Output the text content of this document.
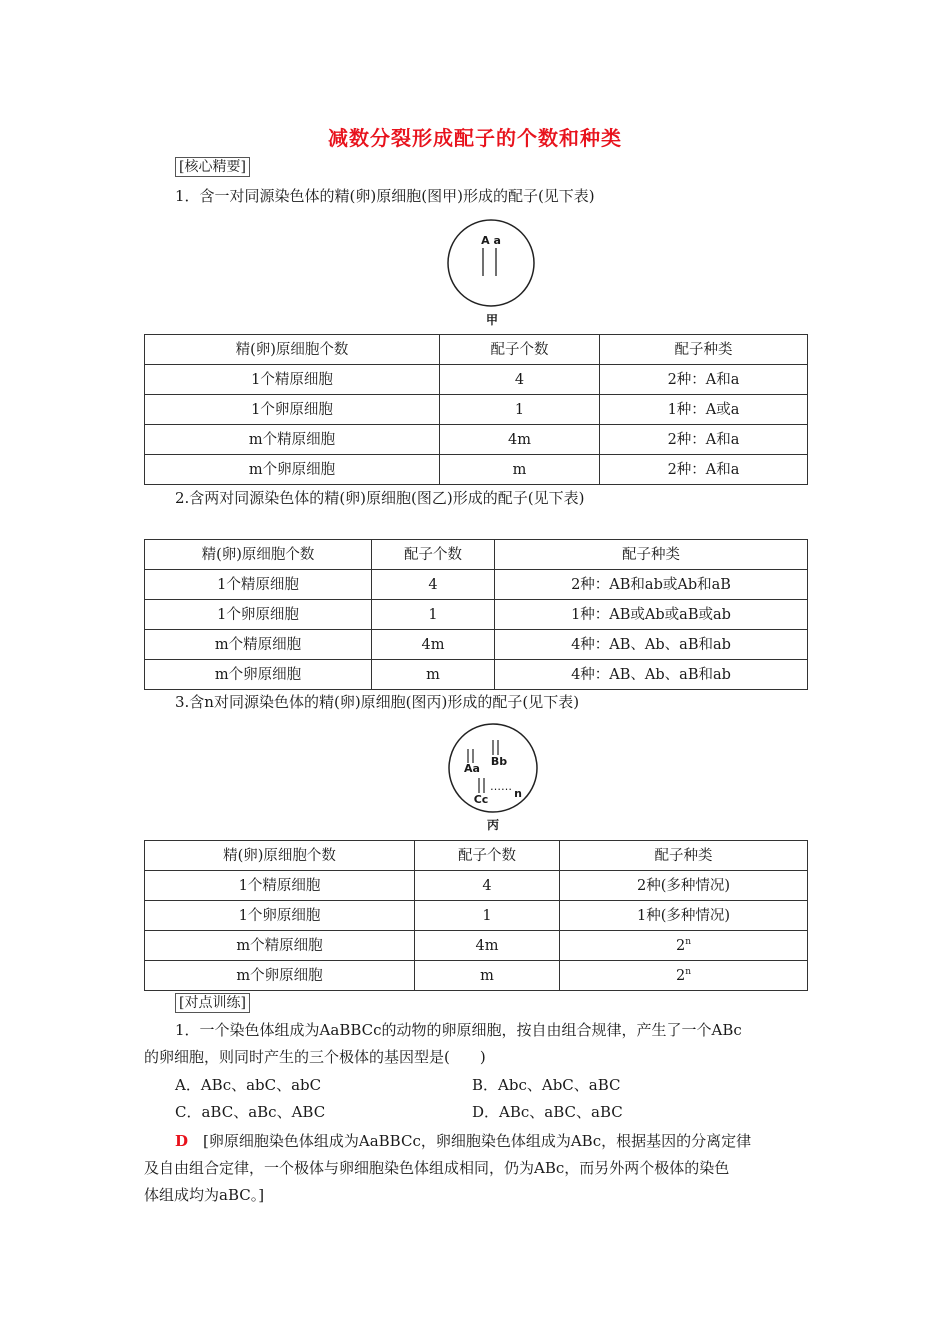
减数分裂形成配子的个数和种类
[核心精要]
1．含一对同源染色体的精(卵)原细胞(图甲)形成的配子(见下表)
A a
甲
精(卵)原细胞个数	配子个数	配子种类
1个精原细胞	4	2种：A和a
1个卵原细胞	1	1种：A或a
m个精原细胞	4m	2种：A和a
m个卵原细胞	m	2种：A和a
2.含两对同源染色体的精(卵)原细胞(图乙)形成的配子(见下表)
精(卵)原细胞个数	配子个数	配子种类
1个精原细胞	4	2种：AB和ab或Ab和aB
1个卵原细胞	1	1种：AB或Ab或aB或ab
m个精原细胞	4m	4种：AB、Ab、aB和ab
m个卵原细胞	m	4种：AB、Ab、aB和ab
3.含n对同源染色体的精(卵)原细胞(图丙)形成的配子(见下表)
Aa
Bb
Cc
……
n
丙
精(卵)原细胞个数	配子个数	配子种类
1个精原细胞	4	2种(多种情况)
1个卵原细胞	1	1种(多种情况)
m个精原细胞	4m	2$^n$
m个卵原细胞	m	2$^n$
[对点训练]
1．一个染色体组成为AaBBCc的动物的卵原细胞，按自由组合规律，产生了一个ABc
的卵细胞，则同时产生的三个极体的基因型是(　　)
A．ABc、abC、abC	B．Abc、AbC、aBC
C．aBC、aBc、ABC	D．ABc、aBC、aBC
D　[卵原细胞染色体组成为AaBBCc，卵细胞染色体组成为ABc，根据基因的分离定律
及自由组合定律，一个极体与卵细胞染色体组成相同，仍为ABc，而另外两个极体的染色
体组成均为aBC。]
